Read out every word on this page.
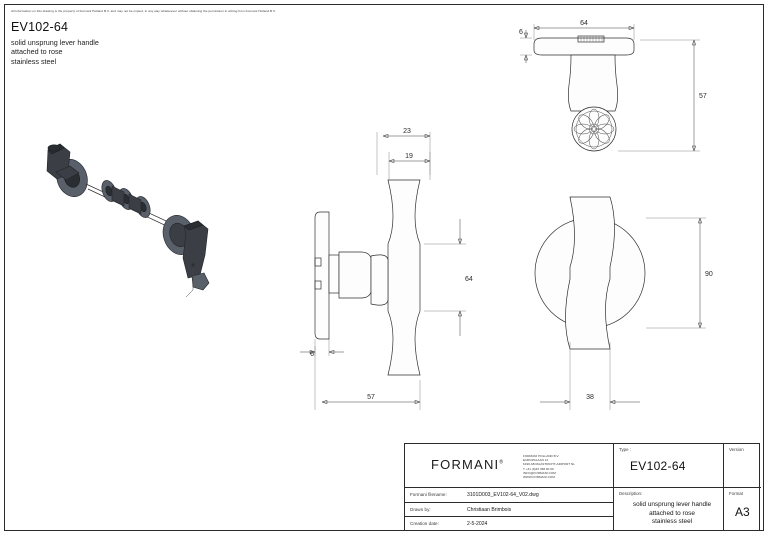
All information on this drawing is the property of Formani Holland B.V. and may not be copied, in any way whatsoever without obtaining the permission in writing from Formani Holland B.V.
EV102-64
solid unsprung lever handle
attached to rose
stainless steel
64
6
57
23
19
64
6
57
90
38
FORMANI®
FORMANI HOLLAND B.V.
EUROPALAAN 12
6199 AB MAASTRICHT-AIRPORT NL
T +31 (0)43 358 90 00
INFO@FORMANI.COM
WWW.FORMANI.COM
Formani filename:	3101D003_EV102-64_V02.dwg
Drawn by:	Christiaan Brimbois
Creation date:	2-5-2024
Type :
EV102-64
Description:
solid unsprung lever handle
attached to rose
stainless steel
Version
Format
A3
